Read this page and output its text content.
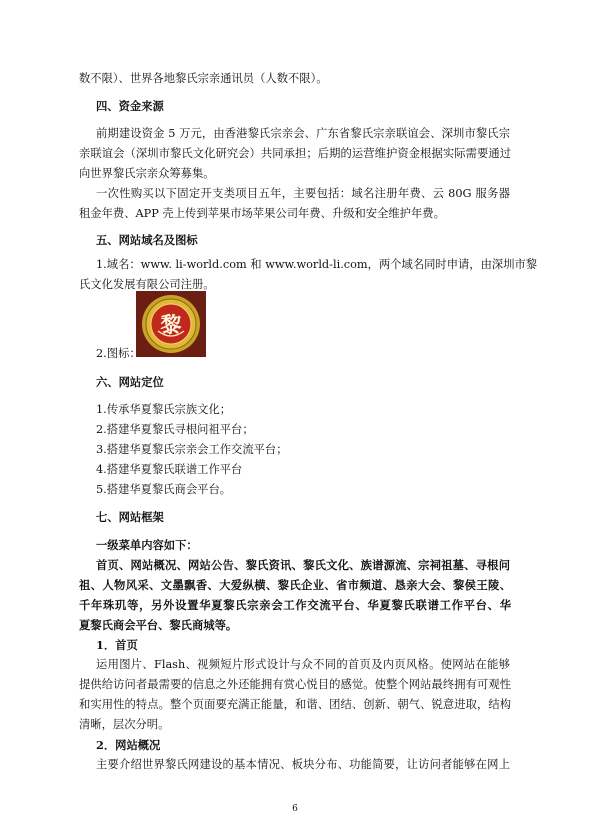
数不限）、世界各地黎氏宗亲通讯员（人数不限）。
四、资金来源
前期建设资金 5 万元，由香港黎氏宗亲会、广东省黎氏宗亲联谊会、深圳市黎氏宗
亲联谊会（深圳市黎氏文化研究会）共同承担；后期的运营维护资金根据实际需要通过
向世界黎氏宗亲众筹募集。
一次性购买以下固定开支类项目五年，主要包括：域名注册年费、云 80G 服务器
租金年费、APP 壳上传到苹果市场苹果公司年费、升级和安全维护年费。
五、网站域名及图标
1.域名：www. li-world.com 和 www.world-li.com，两个域名同时申请，由深圳市黎
氏文化发展有限公司注册。
黎
2.图标：
六、网站定位
1.传承华夏黎氏宗族文化；
2.搭建华夏黎氏寻根问祖平台；
3.搭建华夏黎氏宗亲会工作交流平台；
4.搭建华夏黎氏联谱工作平台
5.搭建华夏黎氏商会平台。
七、网站框架
一级菜单内容如下：
首页、网站概况、网站公告、黎氏资讯、黎氏文化、族谱源流、宗祠祖墓、寻根问
祖、人物风采、文墨飘香、大爱纵横、黎氏企业、省市频道、恳亲大会、黎侯王陵、
千年珠玑等，另外设置华夏黎氏宗亲会工作交流平台、华夏黎氏联谱工作平台、华
夏黎氏商会平台、黎氏商城等。
1．首页
运用图片、Flash、视频短片形式设计与众不同的首页及内页风格。使网站在能够
提供给访问者最需要的信息之外还能拥有赏心悦目的感觉。使整个网站最终拥有可观性
和实用性的特点。整个页面要充满正能量，和谐、团结、创新、朝气、锐意进取，结构
清晰，层次分明。
2．网站概况
主要介绍世界黎氏网建设的基本情况、板块分布、功能简要，让访问者能够在网上
6
